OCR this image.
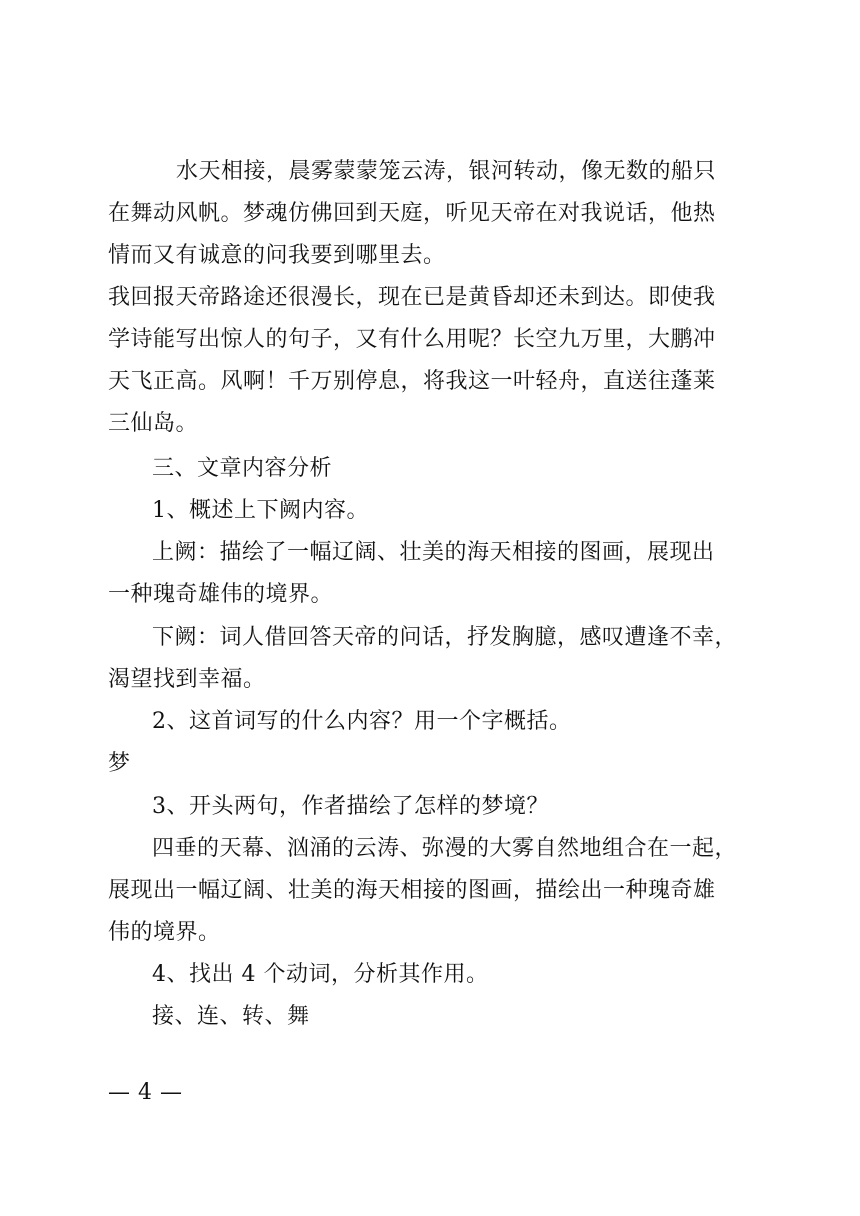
水天相接，晨雾蒙蒙笼云涛，银河转动，像无数的船只
在舞动风帆。梦魂仿佛回到天庭，听见天帝在对我说话，他热
情而又有诚意的问我要到哪里去。
我回报天帝路途还很漫长，现在已是黄昏却还未到达。即使我
学诗能写出惊人的句子，又有什么用呢？长空九万里，大鹏冲
天飞正高。风啊！千万别停息，将我这一叶轻舟，直送往蓬莱
三仙岛。
三、文章内容分析
1、概述上下阙内容。
上阙：描绘了一幅辽阔、壮美的海天相接的图画，展现出
一种瑰奇雄伟的境界。
下阙：词人借回答天帝的问话，抒发胸臆，感叹遭逢不幸，
渴望找到幸福。
2、这首词写的什么内容？用一个字概括。
梦
3、开头两句，作者描绘了怎样的梦境？
四垂的天幕、汹涌的云涛、弥漫的大雾自然地组合在一起，
展现出一幅辽阔、壮美的海天相接的图画，描绘出一种瑰奇雄
伟的境界。
4、找出 4 个动词，分析其作用。
接、连、转、舞
— 4 —
